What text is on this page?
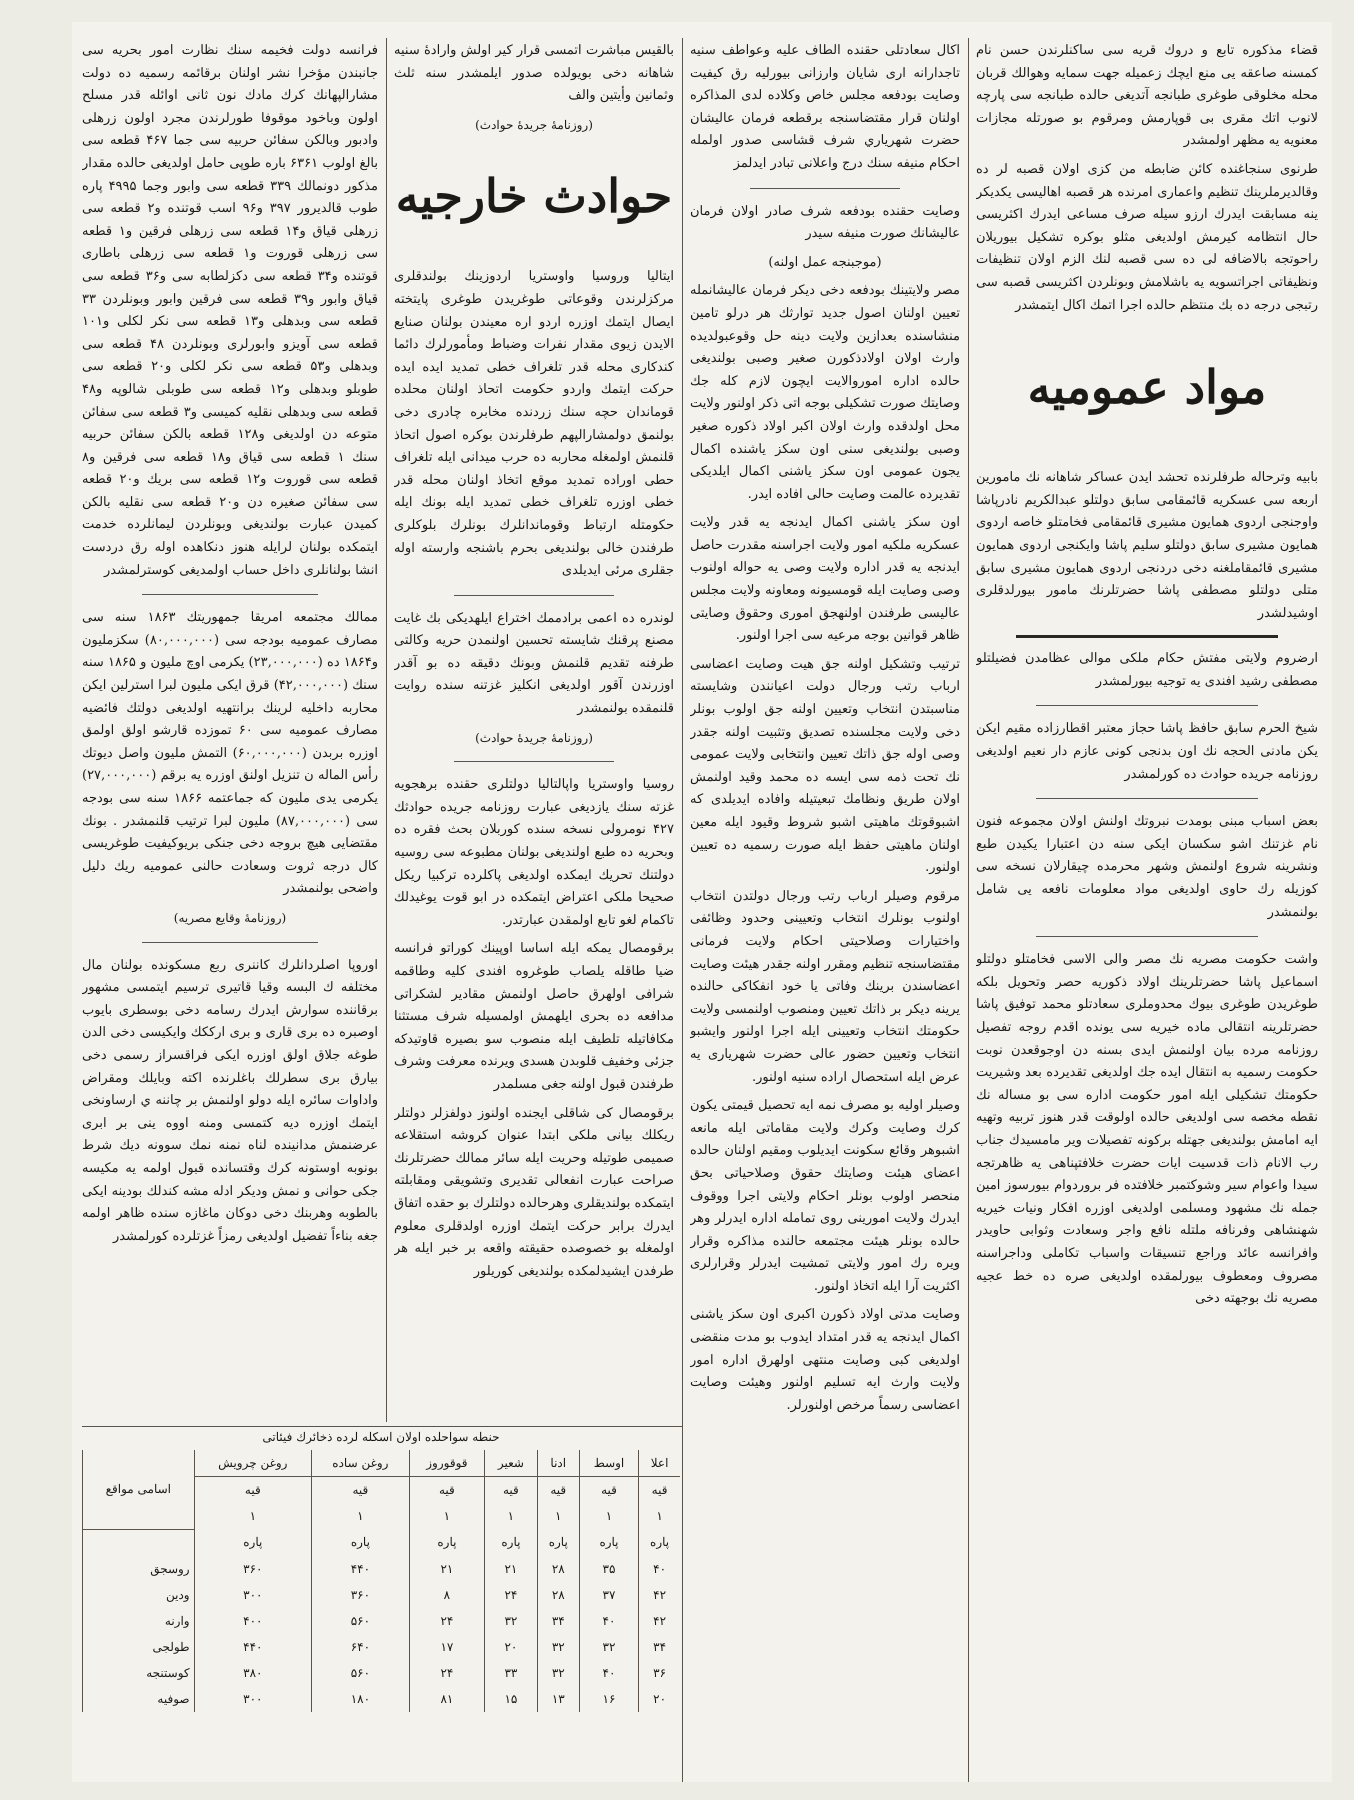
قضاء مذكوره تابع و دروك قريه سى ساكنلرندن حسن نام كمسنه صاعقه يى منع ايچك زعميله جهت سمايه وهوالك قربان محله مخلوقى طوغرى طبانجه آتديغى حالده طبانجه سى پارچه لانوب اتك مقرى بى قوپارمش ومرقوم بو صورتله مجازات معنويه يه مظهر اولمشدر

طرنوى سنجاغنده كائن ضابطه من كزى اولان قصبه لر ده وقالديرملرينك تنظيم واعمارى امرنده هر قصبه اهاليسى يكديكر ينه مسابقت ايدرك ارزو سيله صرف مساعى ايدرك اكثريسى حال انتظامه كيرمش اولديغى مثلو بوكره تشكيل بيوريلان راحوتجه بالاضافه لى ده سى قصبه لنك الزم اولان تنظيفات ونظيفاتى اجراتسويه يه باشلامش وبونلردن اكثريسى قصبه سى رتبجى درجه ده بك منتظم حالده اجرا اتمك اكال ايتمشدر

مواد عموميه

بابيه وترحاله طرفلرنده تحشد ايدن عساكر شاهانه نك مامورين اربعه سى عسكريه قائمقامى سابق دولتلو عبدالكريم نادرپاشا واوجنجى اردوى همايون مشيرى قائمقامى فخامتلو خاصه اردوى همايون مشيرى سابق دولتلو سليم پاشا وايكنجى اردوى همايون مشيرى قائمقاملغنه دخى دردنجى اردوى همايون مشيرى سابق متلى دولتلو مصطفى پاشا حضرتلرنك مامور بيورلدقلرى اوشيدلشدر

ارضروم ولايتى مفتش حكام ملكى موالى عظامدن فضيلتلو مصطفى رشيد افندى يه توجيه بيورلمشدر

شيخ الحرم سابق حافظ پاشا حجاز معتبر اقطارزاده مقيم ايكن يكن مادنى الحجه نك اون بدنجى كونى عازم دار نعيم اولديغى روزنامه جريده حوادث ده كورلمشدر

بعض اسباب مبنى بومدت نبروتك اولنش اولان مجموعه فنون نام غزتنك اشو سكسان ايكى سنه دن اعتبارا يكيدن طبع ونشرينه شروع اولنمش وشهر محرمده چيقارلان نسخه سى كوزيله رك حاوى اولديغى مواد معلومات نافعه يى شامل بولنمشدر

واشت حكومت مصريه نك مصر والى الاسى فخامتلو دولتلو اسماعيل پاشا حضرتلرينك اولاد ذكوريه حصر وتحويل بلكه طوغريدن طوغرى بيوك محدوملرى سعادتلو محمد توفيق پاشا حضرتلرينه انتقالى ماده خيريه سى يونده اقدم روجه تفصيل روزنامه مرده بيان اولنمش ايدى بسنه دن اوجوقعدن نوبت حكومت رسميه به انتقال ايده جك اولديغى تقديرده بعد وشيريت حكومتك تشكيلى ايله امور حكومت اداره سى بو مساله نك نقطه مخصه سى اولديغى حالده اولوقت قدر هنوز تربيه وتهيه ايه امامش بولنديغى جهتله بركونه تفصيلات وير مامسيدك جناب رب الانام ذات قدسيت ايات حضرت خلافتپناهى يه ظاهرتجه سيدا واعوام سير وشوكتمبر خلافتده فر بروردوام بيورسوز امين جمله نك مشهود ومسلمى اولديغى اوزره افكار ونيات خيريه شهنشاهى وفرنافه ملتله نافع واجر وسعادت وثوابى حاويدر وافرانسه عائد وراجع تنسيقات واسباب تكاملى وداجراسنه مصروف ومعطوف بيورلمقده اولديغى صره ده خط عجيه مصريه نك بوجهته دخى

اكال سعادتلى حقنده الطاف عليه وعواطف سنيه تاجدارانه ارى شايان وارزانى بيورليه رق كيفيت وصايت بودفعه مجلس خاص وكلاده لدى المذاكره اولنان قرار مقتضاسنجه برقطعه فرمان عاليشان حضرت شهرياري شرف قشاسى صدور اولمله احكام منيفه سنك درج واعلانى تبادر ايدلمز

وصايت حقنده بودفعه شرف صادر اولان فرمان عاليشانك صورت منيفه سيدر

(موجبنجه عمل اولنه)

مصر ولايتينك بودفعه دخى ديكر فرمان عاليشانمله تعيين اولنان اصول جديد توارثك هر درلو تامين منشاسنده بعدازين ولايت دينه حل وقوعبولديده وارث اولان اولادذكورن صغير وصبى بولنديغى حالده اداره اموروالايت ايچون لازم كله جك وصايتك صورت تشكيلى بوجه اتى ذكر اولنور ولايت محل اولدقده وارث اولان اكبر اولاد ذكوره صغير وصبى بولنديغى سنى اون سكز ياشنده اكمال يجون عمومى اون سكز ياشنى اكمال ايلديكى تقديرده عالمت وصايت حالى افاده ايدر.

اون سكز ياشنى اكمال ايدنجه يه قدر ولايت عسكريه ملكيه امور ولايت اجراسنه مقدرت حاصل ايدنجه يه قدر اداره ولايت وصى يه حواله اولنوب وصى وصايت ايله قومسيونه ومعاونه ولايت مجلس عاليسى طرفندن اولنهجق امورى وحقوق وصايتى ظاهر قوانين بوجه مرعيه سى اجرا اولنور.

ترتيب وتشكيل اولنه جق هيت وصايت اعضاسى ارباب رتب ورجال دولت اعيانندن وشايسته مناسبتدن انتخاب وتعيين اولنه جق اولوب بونلر دخى ولايت مجلسنده تصديق وتثبيت اولنه جقدر وصى اوله جق ذاتك تعيين وانتخابى ولايت عمومى نك تحت ذمه سى ايسه ده محمد وقيد اولنمش اولان طريق ونظامك تبعيتيله وافاده ايديلدى كه اشبوقوتك ماهيتى اشبو شروط وقيود ايله معين اولنان ماهيتى حفظ ايله صورت رسميه ده تعيين اولنور.

مرقوم وصيلر ارباب رتب ورجال دولتدن انتخاب اولنوب بونلرك انتخاب وتعيينى وحدود وظائفى واختيارات وصلاحيتى احكام ولايت فرمانى مقتضاسنجه تنظيم ومقرر اولنه جقدر هيئت وصايت اعضاسندن برينك وفاتى يا خود انفكاكى حالنده يرينه ديكر بر ذاتك تعيين ومنصوب اولنمسى ولايت حكومتك انتخاب وتعيينى ايله اجرا اولنور وايشبو انتخاب وتعيين حضور عالى حضرت شهريارى يه عرض ايله استحصال اراده سنيه اولنور.

وصيلر اوليه بو مصرف نمه ايه تحصيل قيمتى يكون كرك وصايت وكرك ولايت مقاماتى ايله مانعه اشبوهر وقائع سكونت ايديلوب ومقيم اولنان حالده اعضاى هيئت وصايتك حقوق وصلاحياتى بحق منحصر اولوب بونلر احكام ولايتى اجرا ووقوف ايدرك ولايت امورينى روى تمامله اداره ايدرلر وهر حالده بونلر هيئت مجتمعه حالنده مذاكره وقرار ويره رك امور ولايتى تمشيت ايدرلر وقرارلرى اكثريت آرا ايله اتخاذ اولنور.

وصايت مدتى اولاد ذكورن اكبرى اون سكز ياشنى اكمال ايدنجه يه قدر امتداد ايدوب بو مدت منقضى اولديغى كبى وصايت منتهى اولهرق اداره امور ولايت وارث ايه تسليم اولنور وهيئت وصايت اعضاسى رسماً مرخص اولنورلر.

بالقيس مباشرت اتمسى قرار كير اولش وارادهٔ سنيه شاهانه دخى بويولده صدور ايلمشدر سنه ثلث وثمانين وأيتين والف

(روزنامهٔ جريدهٔ حوادث)

حوادث خارجيه

ايتاليا وروسيا واوستريا اردوزينك بولندقلرى مركزلرندن وقوعاتى طوغريدن طوغرى پايتخته ايصال ايتمك اوزره اردو اره معيندن بولنان صنايع الايدن زيوى مقدار نفرات وضباط ومأمورلرك دائما كندكارى محله قدر تلغراف خطى تمديد ايده ايده حركت ايتمك واردو حكومت اتحاذ اولنان محلده قوماندان حچه سنك زردنده مخابره چادرى دخى بولنمق دولمشارالپهم طرفلرندن بوكره اصول اتحاذ قلنمش اولمغله محاربه ده حرب ميدانى ايله تلغراف حطى اوراده تمديد موقع اتخاذ اولنان محله قدر خطى اوزره تلغراف خطى تمديد ايله بونك ايله حكومتله ارتباط وقوماندانلرك بونلرك بلوكلرى طرفندن خالى بولنديغى بحرم باشنجه وارسته اوله جقلرى مرئى ايديلدى

لوندره ده اعمى برادممك اختراع ايلهديكى بك غايت مصنع پرقنك شايسته تحسين اولنمدن حريه وكالتى طرفنه تقديم قلنمش وبونك دقيقه ده بو آقدر اوزرندن آقور اولديغى انكليز غزتنه سنده روايت قلنمقده بولنمشدر

(روزنامهٔ جريدهٔ حوادث)

روسيا واوستريا واپالتاليا دولتلرى حقنده برهجويه غزته سنك يازديغى عبارت روزنامه جريده حوادثك ۴۲۷ نومرولى نسخه سنده كوربلان بحث فقره ده وبحريه ده طبع اولنديغى بولنان مطبوعه سى روسيه دولتنك تحريك ايمكده اولديغى پاكلرده تركبيا ريكل صحيحا ملكى اعتراض ايتمكده در ابو قوت يوغيدلك تاكمام لغو تابع اولمقدن عبارتدر.

برقومصال يمكه ايله اساسا اوپينك كوراتو فرانسه ضيا طاقله يلصاب طوغروه افندى كليه وطاقمه شرافى اولهرق حاصل اولنمش مقادير لشكراتى مدافعه ده بحرى ايلهمش اولمسيله شرف مستثنا مكافاتيله تلطيف ايله منصوب سو بصيره قاوتيدكه جزئى وخفيف قلوبدن هسدى ويرنده معرفت وشرف طرفندن قبول اولنه جغى مسلمدر

برقومصال كى شاقلى ايجنده اولنوز دولفزلر دولتلر ريكلك بيانى ملكى ابتدا عنوان كروشه استقلاعه صميمى طوتيله وحريت ايله سائر ممالك حضرتلرنك صراحت عبارت انفعالى تقديرى وتشويقى ومقابلته ايتمكده بولنديقلرى وهرحالده دولتلرك بو حقده اتفاق ايدرك برابر حركت ايتمك اوزره اولدقلرى معلوم اولمغله بو خصوصده حقيقته واقعه بر خبر ايله هر طرفدن ايشيدلمكده بولنديغى كوريلور

فرانسه دولت فخيمه سنك نظارت امور بحريه سى جانبندن مؤخرا نشر اولنان برقائمه رسميه ده دولت مشارالپهانك كرك مادك نون ثانى اوائله قدر مسلح اولون وباخود موقوفا طورلرندن مجرد اولون زرهلى وادبور وبالكن سفائن حربيه سى جما ۴۶۷ قطعه سى بالغ اولوب ۶۳۶۱ باره طوپى حامل اولديغى حالده مقدار مذكور دونمالك ۳۳۹ قطعه سى وابور وجما ۴۹۹۵ پاره طوب قالديرور ۳۹۷ و۹۶ اسب قوتنده و۲ قطعه سى زرهلى قياق و۱۴ قطعه سى زرهلى فرقين و۱ قطعه سى زرهلى قوروت و۱ قطعه سى زرهلى باطارى قوتنده و۳۴ قطعه سى دكزلطابه سى و۳۶ قطعه سى قياق وابور و۳۹ قطعه سى فرقين وابور وبونلردن ۳۳ قطعه سى وبدهلى و۱۳ قطعه سى نكر لكلى و۱۰۱ قطعه سى آويزو وابورلرى وبونلردن ۴۸ قطعه سى وبدهلى و۵۳ قطعه سى نكر لكلى و۲۰ قطعه سى طوبلو وبدهلى و۱۲ قطعه سى طوبلى شالوپه و۴۸ قطعه سى وبدهلى نقليه كميسى و۳ قطعه سى سفائن متوعه دن اولديغى و۱۲۸ قطعه بالكن سفائن حربيه سنك ۱ قطعه سى قياق و۱۸ قطعه سى فرقين و۸ قطعه سى قوروت و۱۲ قطعه سى بريك و۲۰ قطعه سى سفائن صغيره دن و۲۰ قطعه سى نقليه بالكن كميدن عبارت بولنديغى وبونلردن ليمانلرده خدمت ايتمكده بولنان لرايله هنوز دنكاهده اوله رق دردست انشا بولنانلرى داخل حساب اولمديغى كوسترلمشدر

ممالك مجتمعه امريقا جمهوريتك ۱۸۶۳ سنه سى مصارف عموميه بودجه سى (۰۰۰‚۰۰۰‚۸۰) سكزمليون و۱۸۶۴ ده (۰۰۰‚۰۰۰‚۲۳) يكرمى اوچ مليون و ۱۸۶۵ سنه سنك (۰۰۰‚۰۰۰‚۴۲) قرق ايكى مليون لبرا استرلين ايكن محاربه داخليه لرينك برانتهيه اولديغى دولتك فائضيه مصارف عموميه سى ۶۰ تموزده قارشو اولق اولمق اوزره بربدن (۰۰۰‚۰۰۰‚۶۰) التمش مليون واصل ديوتك رأس الماله ن تنزيل اولنق اوزره يه برقم (۰۰۰‚۰۰۰‚۲۷) يكرمى يدى مليون كه جماعتمه ۱۸۶۶ سنه سى بودجه سى (۰۰۰‚۰۰۰‚۸۷) مليون لبرا ترتيب قلنمشدر . بونك مقتضايى هيچ بروجه دخى جنكى بريوكيفيت طوغريسى كال درجه ثروت وسعادت حالنى عموميه ريك دليل واضحى بولنمشدر

(روزنامهٔ وقايع مصريه)

اوروپا اصلردانلرك كاننرى ربع مسكونده بولنان مال مختلفه ك البسه وقيا قاتيرى ترسيم ايتمسى مشهور برقاننده سوارش ايدرك رسامه دخى بوسطرى بايوب اوصبره ده برى قارى و برى ارككك وايكيسى دخى الدن طوغه جلاق اولق اوزره ايكى فراقسراز رسمى دخى بيارق برى سطرلك باغلرنده اكته وبايلك ومقراض واداوات سائره ايله دولو اولنمش بر چاننه ي ارساونخى ايتمك اوزره ديه كتمسى ومنه اووه ينى بر ابرى عرضنمش مدانينده لناه نمنه نمك سوونه ديك شرط بونوبه اوستونه كرك وقتسانده قبول اولمه يه مكيسه جكى حوانى و نمش وديكر ادله مشه كندلك بودينه ايكى بالطوبه وهربنك دخى دوكان ماغازه سنده ظاهر اولمه جغه بناءاً تفضيل اولديغى رمزاً غزتلرده كورلمشدر

حنطه سواحلده اولان اسكله لرده ذخائرك فيئاتى
اعلا	اوسط	ادنا	شعير	قوقوروز	روغن ساده	روغن چرويش	اسامى مواقع
قيه	قيه	قيه	قيه	قيه	قيه	قيه	
۱	۱	۱	۱	۱	۱	۱	
پاره	پاره	پاره	پاره	پاره	پاره	پاره	
۴۰	۳۵	۲۸	۲۱	۲۱	۴۴۰	۳۶۰	روسجق
۴۲	۳۷	۲۸	۲۴	۸	۳۶۰	۳۰۰	ودين
۴۲	۴۰	۳۴	۳۲	۲۴	۵۶۰	۴۰۰	وارنه
۳۴	۳۲	۳۲	۲۰	۱۷	۶۴۰	۴۴۰	طولجى
۳۶	۴۰	۳۲	۳۳	۲۴	۵۶۰	۳۸۰	كوستنجه
۲۰	۱۶	۱۳	۱۵	۸۱	۱۸۰	۳۰۰	صوفيه
